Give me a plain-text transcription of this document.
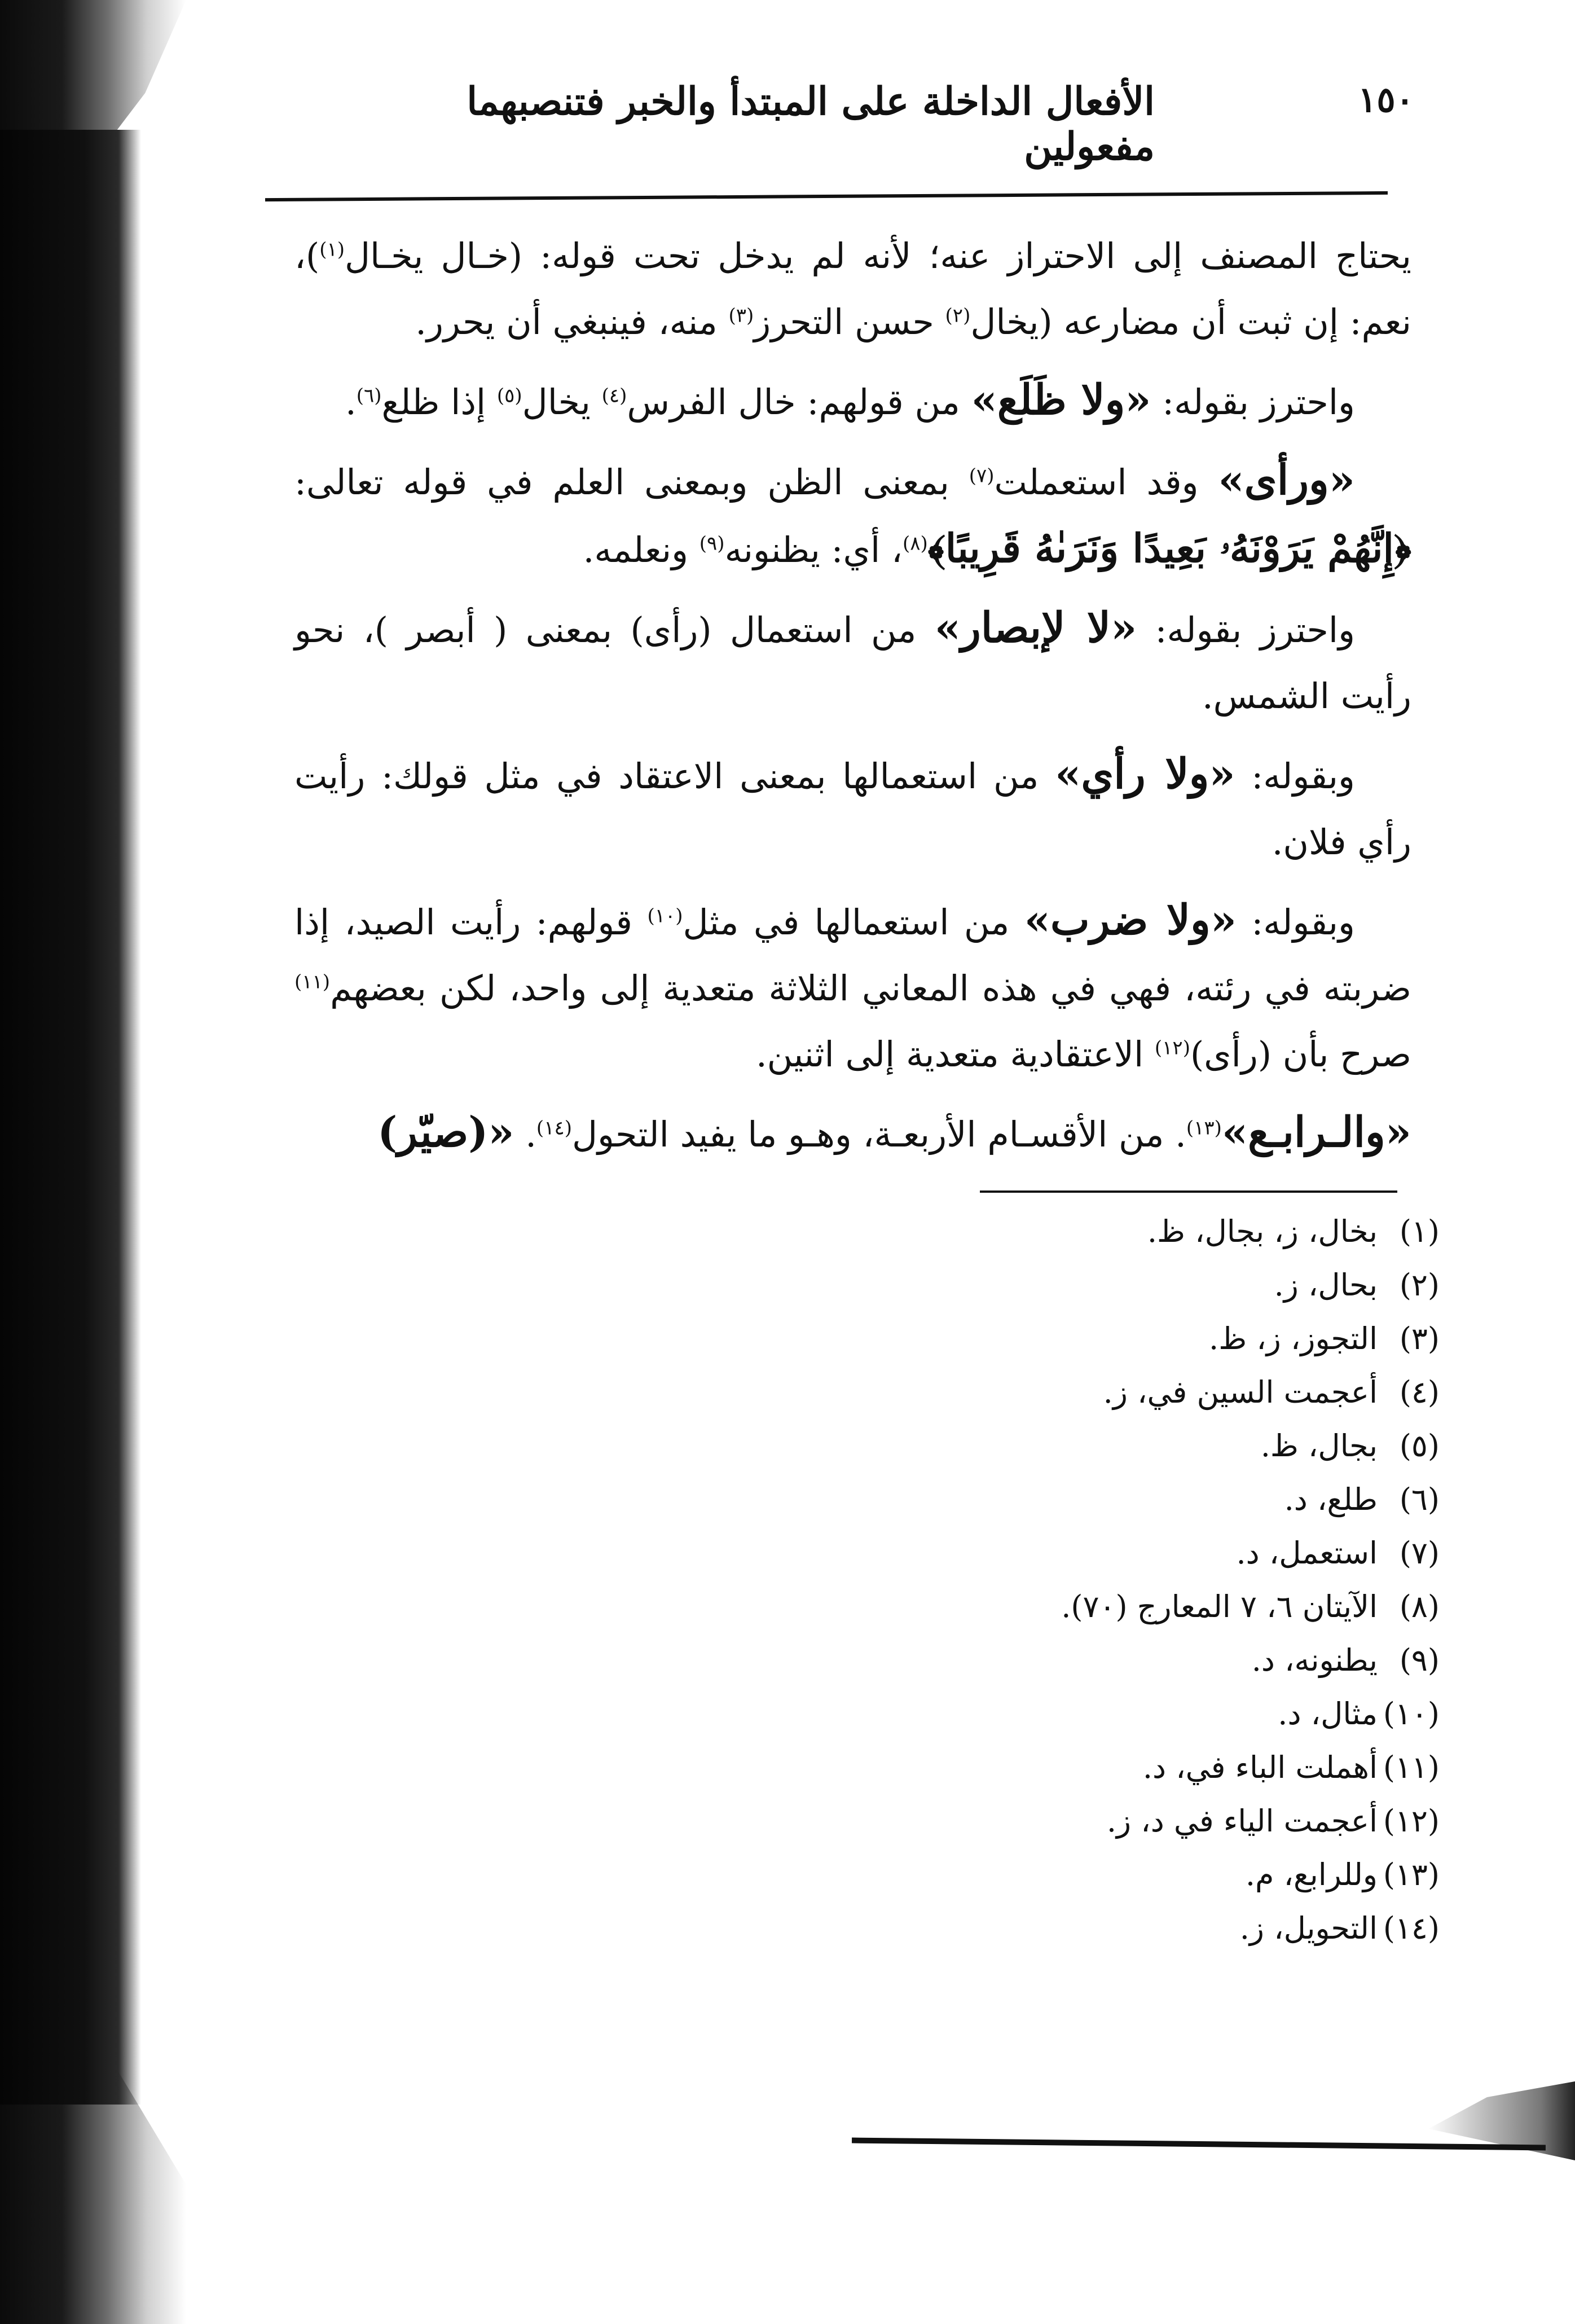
١٥٠
الأفعال الداخلة على المبتدأ والخبر فتنصبهما مفعولين

يحتاج المصنف إلى الاحتراز عنه؛ لأنه لم يدخل تحت قوله: (خـال يخـال$^{(١)}$)، نعم: إن ثبت أن مضارعه (يخال$^{(٢)}$ حسن التحرز$^{(٣)}$ منه، فينبغي أن يحرر.

واحترز بقوله: «ولا ظَلَع» من قولهم: خال الفرس$^{(٤)}$ يخال$^{(٥)}$ إذا ظلع$^{(٦)}$.

«ورأى» وقد استعملت$^{(٧)}$ بمعنى الظن وبمعنى العلم في قوله تعالى: ﴿إِنَّهُمْ يَرَوْنَهُۥ بَعِيدًا وَنَرَىٰهُ قَرِيبًا﴾$^{(٨)}$، أي: يظنونه$^{(٩)}$ ونعلمه.

واحترز بقوله: «لا لإبصار» من استعمال (رأى) بمعنى ( أبصر )، نحو رأيت الشمس.

وبقوله: «ولا رأي» من استعمالها بمعنى الاعتقاد في مثل قولك: رأيت رأي فلان.

وبقوله: «ولا ضرب» من استعمالها في مثل$^{(١٠)}$ قولهم: رأيت الصيد، إذا ضربته في رئته، فهي في هذه المعاني الثلاثة متعدية إلى واحد، لكن بعضهم$^{(١١)}$ صرح بأن (رأى)$^{(١٢)}$ الاعتقادية متعدية إلى اثنين.

«والـرابـع»$^{(١٣)}$. من الأقسـام الأربعـة، وهـو ما يفيد التحول$^{(١٤)}$. «(صيّر)

(١)بخال، ز، بجال، ظ.
(٢)بحال، ز.
(٣)التجوز، ز، ظ.
(٤)أعجمت السين في، ز.
(٥)بجال، ظ.
(٦)طلع، د.
(٧)استعمل، د.
(٨)الآيتان ٦، ٧ المعارج (٧٠).
(٩)يطنونه، د.
(١٠)مثال، د.
(١١)أهملت الباء في، د.
(١٢)أعجمت الياء في د، ز.
(١٣)وللرابع، م.
(١٤)التحويل، ز.
